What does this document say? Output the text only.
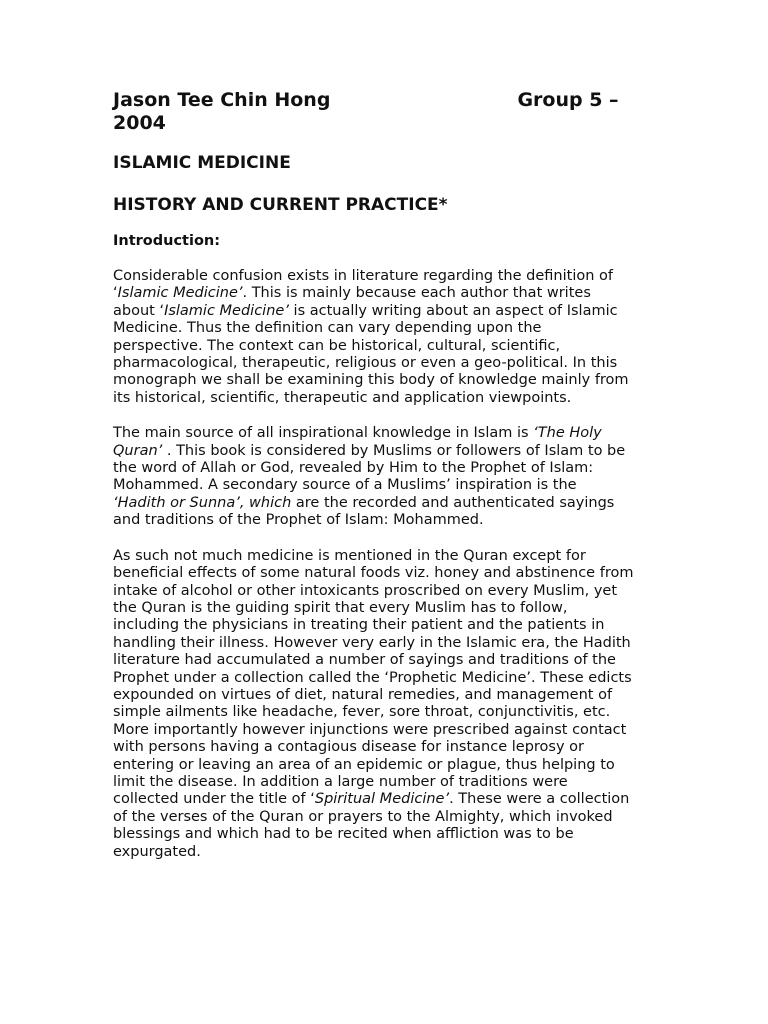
Jason Tee Chin Hong	Group 5 –
2004
ISLAMIC MEDICINE
HISTORY AND CURRENT PRACTICE*
Introduction:
Considerable confusion exists in literature regarding the definition of
‘Islamic Medicine’. This is mainly because each author that writes
about ‘Islamic Medicine’ is actually writing about an aspect of Islamic
Medicine. Thus the definition can vary depending upon the
perspective. The context can be historical, cultural, scientific,
pharmacological, therapeutic, religious or even a geo-political. In this
monograph we shall be examining this body of knowledge mainly from
its historical, scientific, therapeutic and application viewpoints.
The main source of all inspirational knowledge in Islam is ‘The Holy
Quran’ . This book is considered by Muslims or followers of Islam to be
the word of Allah or God, revealed by Him to the Prophet of Islam:
Mohammed. A secondary source of a Muslims’ inspiration is the
‘Hadith or Sunna’, which are the recorded and authenticated sayings
and traditions of the Prophet of Islam: Mohammed.
As such not much medicine is mentioned in the Quran except for
beneficial effects of some natural foods viz. honey and abstinence from
intake of alcohol or other intoxicants proscribed on every Muslim, yet
the Quran is the guiding spirit that every Muslim has to follow,
including the physicians in treating their patient and the patients in
handling their illness. However very early in the Islamic era, the Hadith
literature had accumulated a number of sayings and traditions of the
Prophet under a collection called the ‘Prophetic Medicine’. These edicts
expounded on virtues of diet, natural remedies, and management of
simple ailments like headache, fever, sore throat, conjunctivitis, etc.
More importantly however injunctions were prescribed against contact
with persons having a contagious disease for instance leprosy or
entering or leaving an area of an epidemic or plague, thus helping to
limit the disease. In addition a large number of traditions were
collected under the title of ‘Spiritual Medicine’. These were a collection
of the verses of the Quran or prayers to the Almighty, which invoked
blessings and which had to be recited when affliction was to be
expurgated.
